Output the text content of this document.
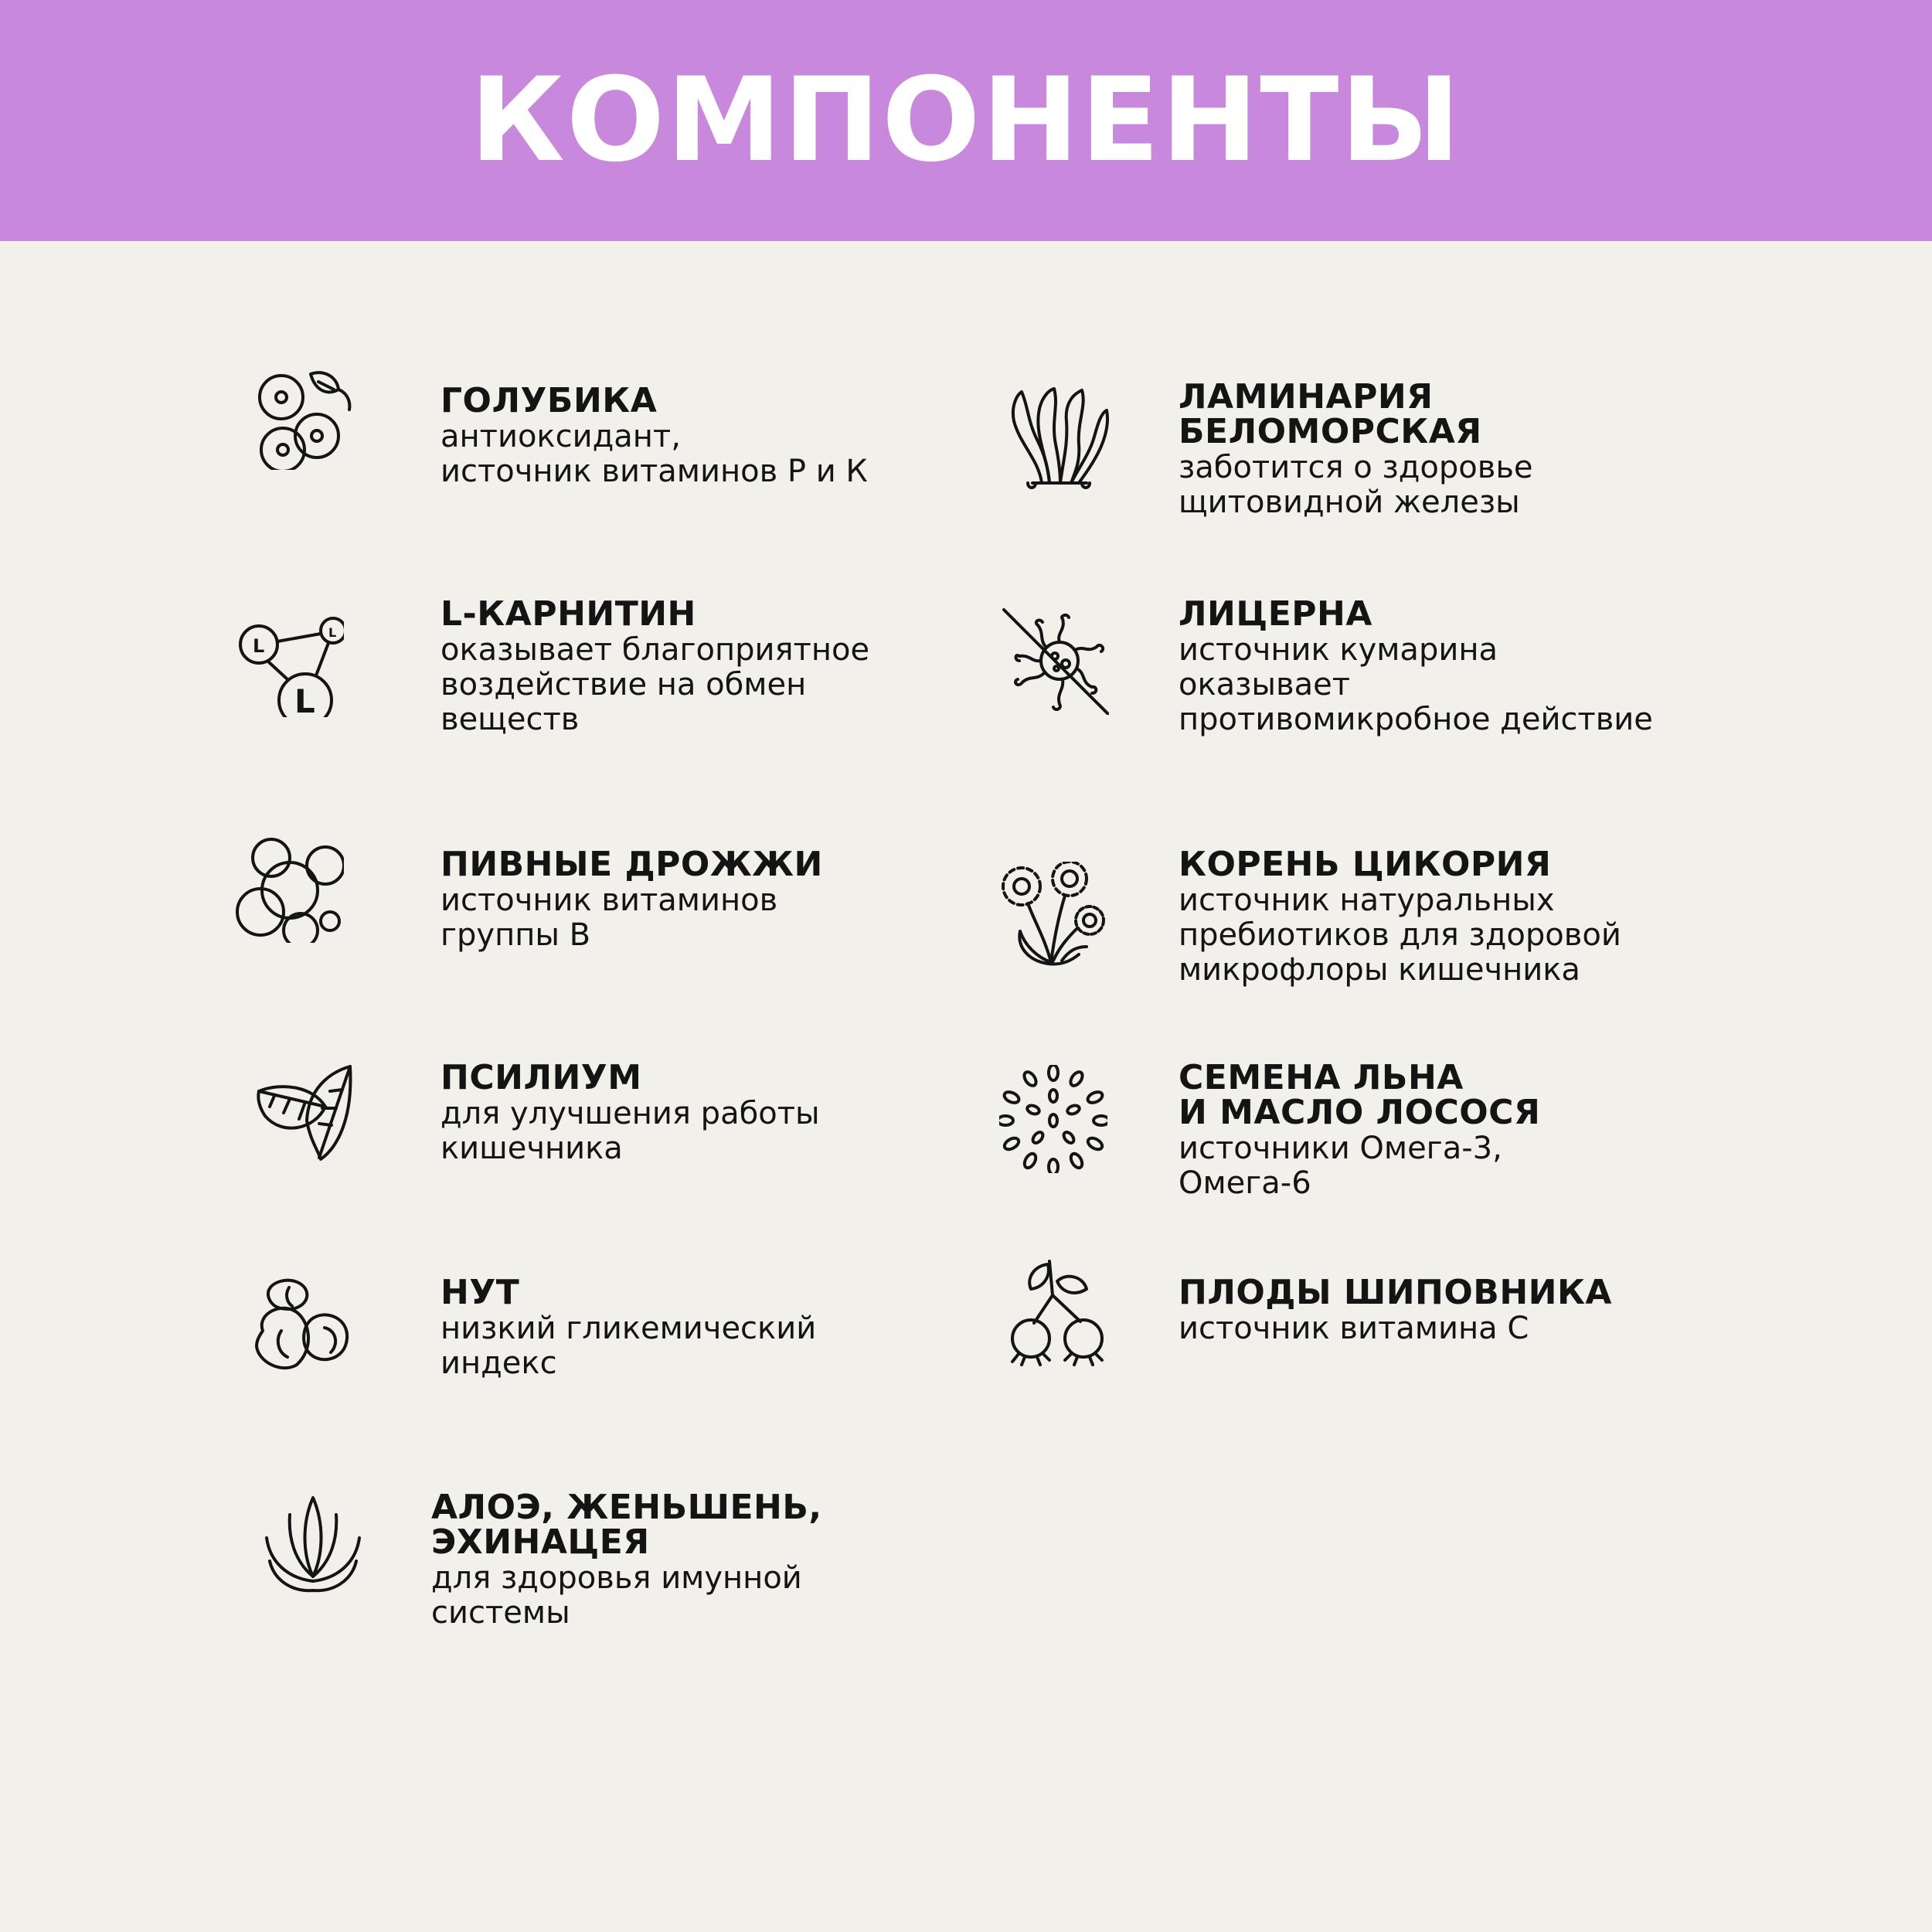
КОМПОНЕНТЫ
ГОЛУБИКА
антиоксидант,
источник витаминов Р и К
L
L
L
L-КАРНИТИН
оказывает благоприятное
воздействие на обмен
веществ
ПИВНЫЕ ДРОЖЖИ
источник витаминов
группы В
ПСИЛИУМ
для улучшения работы
кишечника
НУТ
низкий гликемический
индекс
АЛОЭ, ЖЕНЬШЕНЬ,
ЭХИНАЦЕЯ
для здоровья имунной
системы
ЛАМИНАРИЯ
БЕЛОМОРСКАЯ
заботится о здоровье
щитовидной железы
ЛИЦЕРНА
источник кумарина
оказывает
противомикробное действие
КОРЕНЬ ЦИКОРИЯ
источник натуральных
пребиотиков для здоровой
микрофлоры кишечника
СЕМЕНА ЛЬНА
И МАСЛО ЛОСОСЯ
источники Омега-3,
Омега-6
ПЛОДЫ ШИПОВНИКА
источник витамина С
